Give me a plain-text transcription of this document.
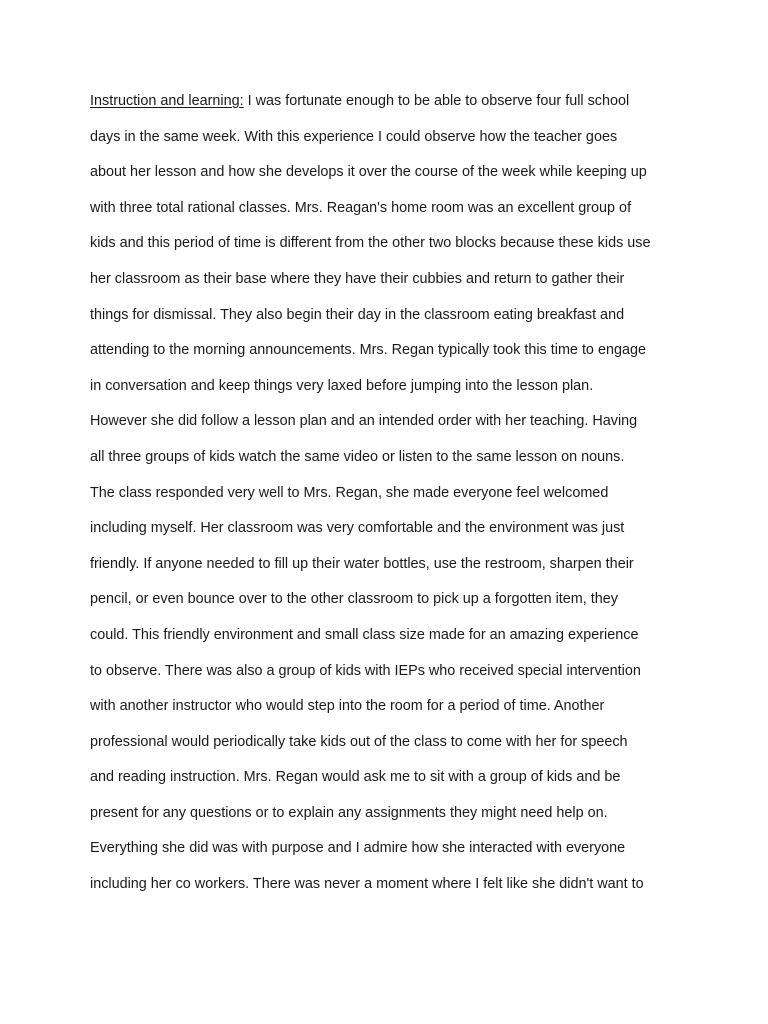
Instruction and learning: I was fortunate enough to be able to observe four full school
days in the same week. With this experience I could observe how the teacher goes
about her lesson and how she develops it over the course of the week while keeping up
with three total rational classes. Mrs. Reagan's home room was an excellent group of
kids and this period of time is different from the other two blocks because these kids use
her classroom as their base where they have their cubbies and return to gather their
things for dismissal. They also begin their day in the classroom eating breakfast and
attending to the morning announcements. Mrs. Regan typically took this time to engage
in conversation and keep things very laxed before jumping into the lesson plan.
However she did follow a lesson plan and an intended order with her teaching. Having
all three groups of kids watch the same video or listen to the same lesson on nouns.
The class responded very well to Mrs. Regan, she made everyone feel welcomed
including myself. Her classroom was very comfortable and the environment was just
friendly. If anyone needed to fill up their water bottles, use the restroom, sharpen their
pencil, or even bounce over to the other classroom to pick up a forgotten item, they
could. This friendly environment and small class size made for an amazing experience
to observe. There was also a group of kids with IEPs who received special intervention
with another instructor who would step into the room for a period of time. Another
professional would periodically take kids out of the class to come with her for speech
and reading instruction. Mrs. Regan would ask me to sit with a group of kids and be
present for any questions or to explain any assignments they might need help on.
Everything she did was with purpose and I admire how she interacted with everyone
including her co workers. There was never a moment where I felt like she didn't want to
